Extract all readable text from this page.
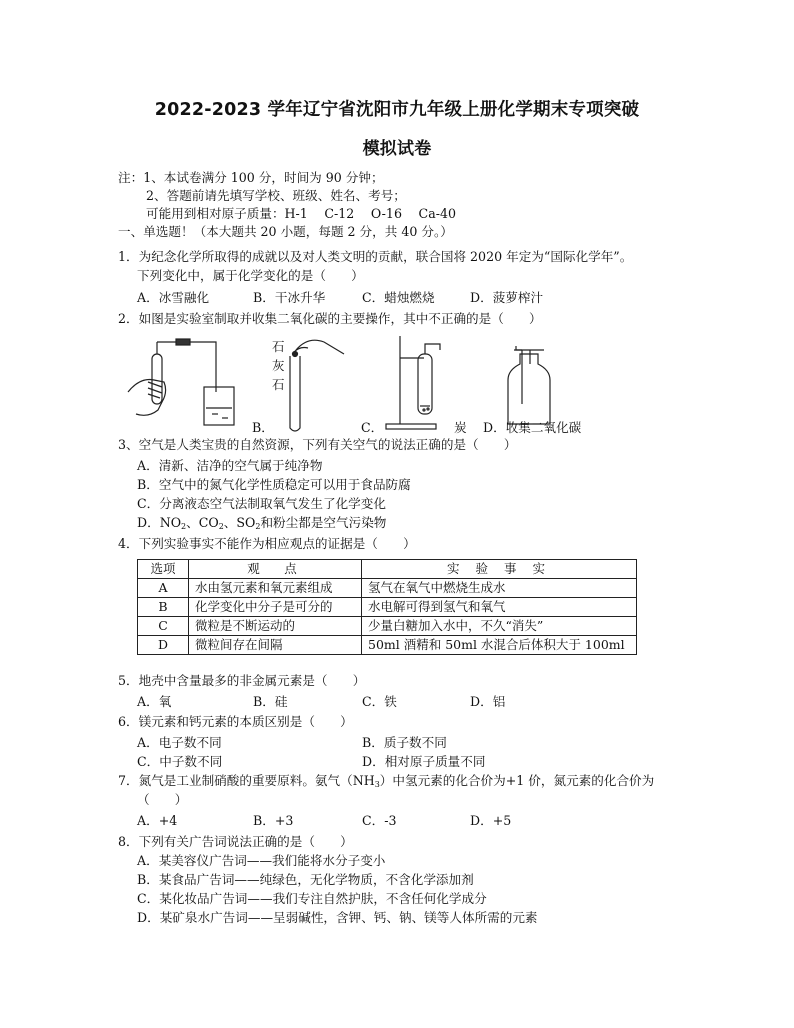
2022-2023 学年辽宁省沈阳市九年级上册化学期末专项突破
模拟试卷
注：1、本试卷满分 100 分，时间为 90 分钟；
2、答题前请先填写学校、班级、姓名、考号；
可能用到相对原子质量：H-1　 C-12　 O-16　 Ca-40
一、单选题！（本大题共 20 小题，每题 2 分，共 40 分。）
1．为纪念化学所取得的成就以及对人类文明的贡献，联合国将 2020 年定为“国际化学年”。
下列变化中，属于化学变化的是（　　）
A．冰雪融化	B．干冰升华	C．蜡烛燃烧	D．菠萝榨汁
2．如图是实验室制取并收集二氧化碳的主要操作，其中不正确的是（　　）
石
灰
石
B．	C．	炭 D．收集二氧化碳
3、空气是人类宝贵的自然资源，下列有关空气的说法正确的是（　　）
A．清新、洁净的空气属于纯净物
B．空气中的氮气化学性质稳定可以用于食品防腐
C．分离液态空气法制取氧气发生了化学变化
D．$NO_2$、$CO_2$、$SO_2$和粉尘都是空气污染物
4．下列实验事实不能作为相应观点的证据是（　　）
选项	观　点	实 验 事 实
A	水由氢元素和氧元素组成	氢气在氧气中燃烧生成水
B	化学变化中分子是可分的	水电解可得到氢气和氧气
C	微粒是不断运动的	少量白糖加入水中，不久“消失”
D	微粒间存在间隔	50ml 酒精和 50ml 水混合后体积大于 100ml
5．地壳中含量最多的非金属元素是（　　）
A．氧	B．硅	C．铁	D．铝
6．镁元素和钙元素的本质区别是（　　）
A．电子数不同	B．质子数不同
C．中子数不同	D．相对原子质量不同
7．氮气是工业制硝酸的重要原料。氨气$(NH_3)$中氢元素的化合价为+1 价，氮元素的化合价为
（　　）
A．+4	B．+3	C．-3	D．+5
8．下列有关广告词说法正确的是（　　）
A．某美容仪广告词——我们能将水分子变小
B．某食品广告词——纯绿色，无化学物质，不含化学添加剂
C．某化妆品广告词——我们专注自然护肤，不含任何化学成分
D．某矿泉水广告词——呈弱碱性，含钾、钙、钠、镁等人体所需的元素
